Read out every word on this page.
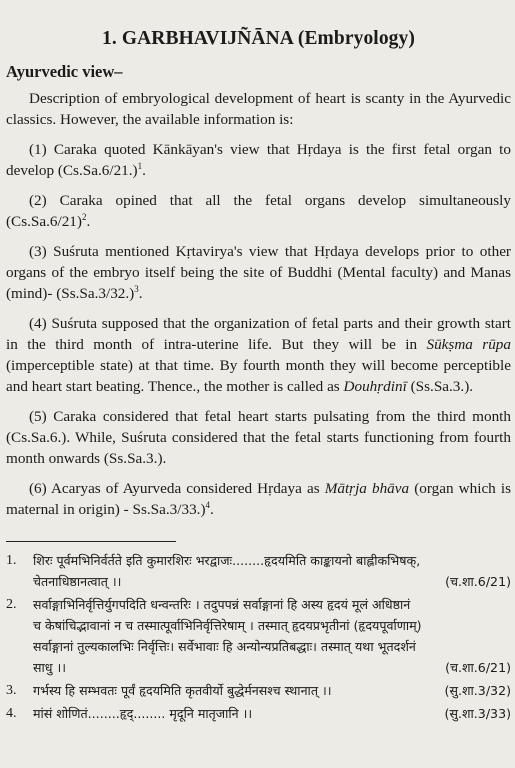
1. GARBHAVIJÑĀNA (Embryology)
Ayurvedic view–

Description of embryological development of heart is scanty in the Ayurvedic classics. However, the available information is:

(1) Caraka quoted Kānkāyan's view that Hṛdaya is the first fetal organ to develop $(Cs.Sa.6/21.)^1$.

(2) Caraka opined that all the fetal organs develop simultaneously $(Cs.Sa.6/21)^2$.

(3) Suśruta mentioned Kṛtavirya's view that Hṛdaya develops prior to other organs of the embryo itself being the site of Buddhi (Mental faculty) and Manas (mind)- $(Ss.Sa.3/32.)^3$.

(4) Suśruta supposed that the organization of fetal parts and their growth start in the third month of intra-uterine life. But they will be in Sūkṣma rūpa (imperceptible state) at that time. By fourth month they will become perceptible and heart start beating. Thence., the mother is called as Douhṛdinī (Ss.Sa.3.).

(5) Caraka considered that fetal heart starts pulsating from the third month (Cs.Sa.6.). While, Suśruta considered that the fetal starts functioning from fourth month onwards (Ss.Sa.3.).

(6) Acaryas of Ayurveda considered Hṛdaya as Mātṛja bhāva (organ which is maternal in origin) - Ss.Sa.3/33.)$^4$.

1. शिरः पूर्वमभिनिर्वर्तते इति कुमारशिरः भरद्वाजः........हृदयमिति काङ्कायनो बाह्लीकभिषक्,
(च.शा.6/21)
चेतनाधिष्ठानत्वात् ।।
2. सर्वाङ्गाभिनिर्वृत्तिर्युगपदिति धन्वन्तरिः । तदुपपन्नं सर्वाङ्गानां हि अस्य हृदयं मूलं अधिष्ठानं
च केषांचिद्भावानां न च तस्मात्पूर्वाभिनिर्वृत्तिरेषाम् । तस्मात् हृदयप्रभृतीनां (हृदयपूर्वाणाम्)
सर्वाङ्गानां तुल्यकालभिः निर्वृत्तिः। सर्वेभावाः हि अन्योन्यप्रतिबद्धाः। तस्मात् यथा भूतदर्शनं
(च.शा.6/21)
साधु ।।
3.	(सु.शा.3/32)
गर्भस्य हि सम्भवतः पूर्वं हृदयमिति कृतवीर्यो बुद्धेर्मनसश्च स्थानात् ।।
4.	(सु.शा.3/33)
मांसं शोणितं........हृद्........ मृदूनि मातृजानि ।।
